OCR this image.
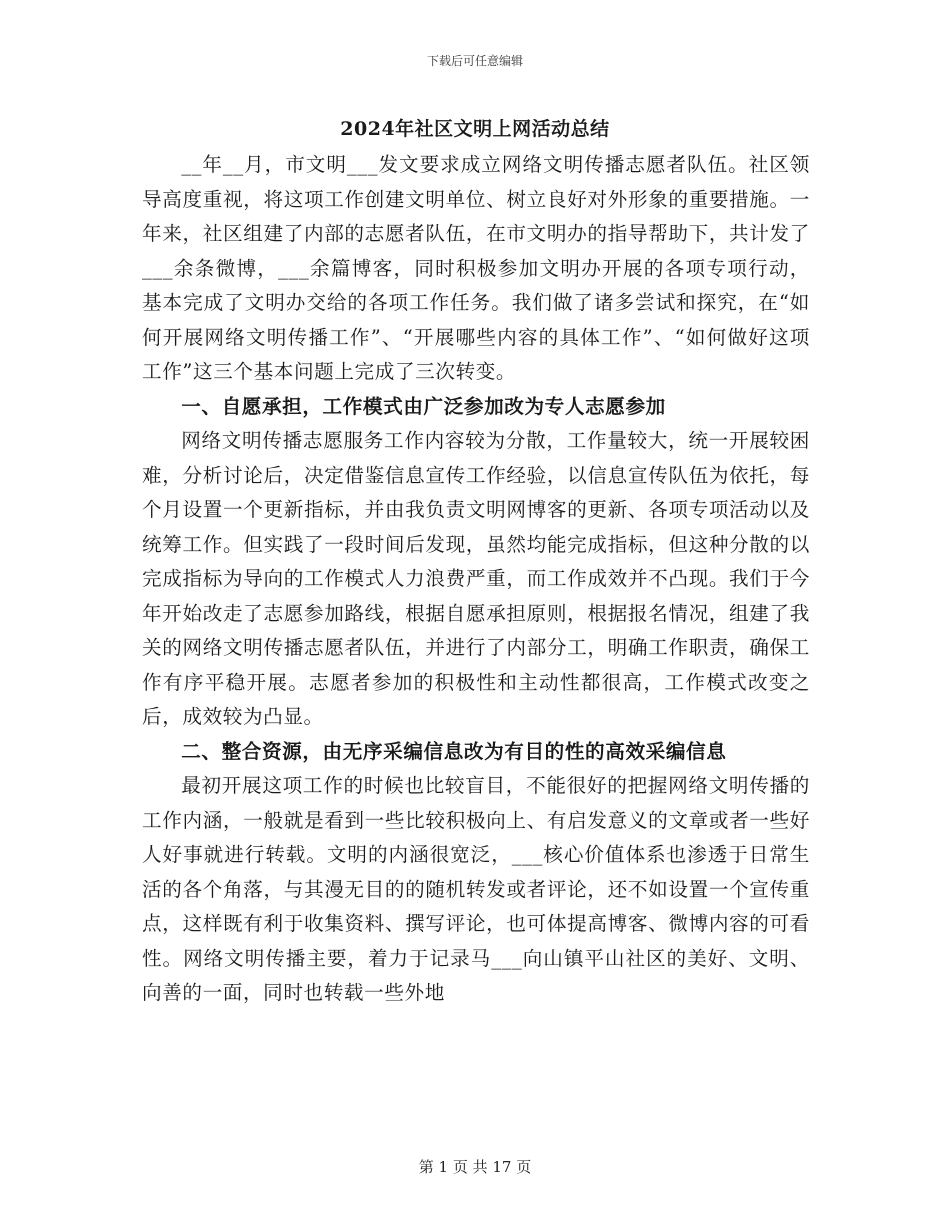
下载后可任意编辑
2024年社区文明上网活动总结

__年__月，市文明___发文要求成立网络文明传播志愿者队伍。社区领导高度重视，将这项工作创建文明单位、树立良好对外形象的重要措施。一年来，社区组建了内部的志愿者队伍，在市文明办的指导帮助下，共计发了___余条微博，___余篇博客，同时积极参加文明办开展的各项专项行动，基本完成了文明办交给的各项工作任务。我们做了诸多尝试和探究，在“如何开展网络文明传播工作”、“开展哪些内容的具体工作”、“如何做好这项工作”这三个基本问题上完成了三次转变。

一、自愿承担，工作模式由广泛参加改为专人志愿参加

网络文明传播志愿服务工作内容较为分散，工作量较大，统一开展较困难，分析讨论后，决定借鉴信息宣传工作经验，以信息宣传队伍为依托，每个月设置一个更新指标，并由我负责文明网博客的更新、各项专项活动以及统筹工作。但实践了一段时间后发现，虽然均能完成指标，但这种分散的以完成指标为导向的工作模式人力浪费严重，而工作成效并不凸现。我们于今年开始改走了志愿参加路线，根据自愿承担原则，根据报名情况，组建了我关的网络文明传播志愿者队伍，并进行了内部分工，明确工作职责，确保工作有序平稳开展。志愿者参加的积极性和主动性都很高，工作模式改变之后，成效较为凸显。

二、整合资源，由无序采编信息改为有目的性的高效采编信息

最初开展这项工作的时候也比较盲目，不能很好的把握网络文明传播的工作内涵，一般就是看到一些比较积极向上、有启发意义的文章或者一些好人好事就进行转载。文明的内涵很宽泛，___核心价值体系也渗透于日常生活的各个角落，与其漫无目的的随机转发或者评论，还不如设置一个宣传重点，这样既有利于收集资料、撰写评论，也可体提高博客、微博内容的可看性。网络文明传播主要，着力于记录马___向山镇平山社区的美好、文明、向善的一面，同时也转载一些外地

第 1 页 共 17 页
